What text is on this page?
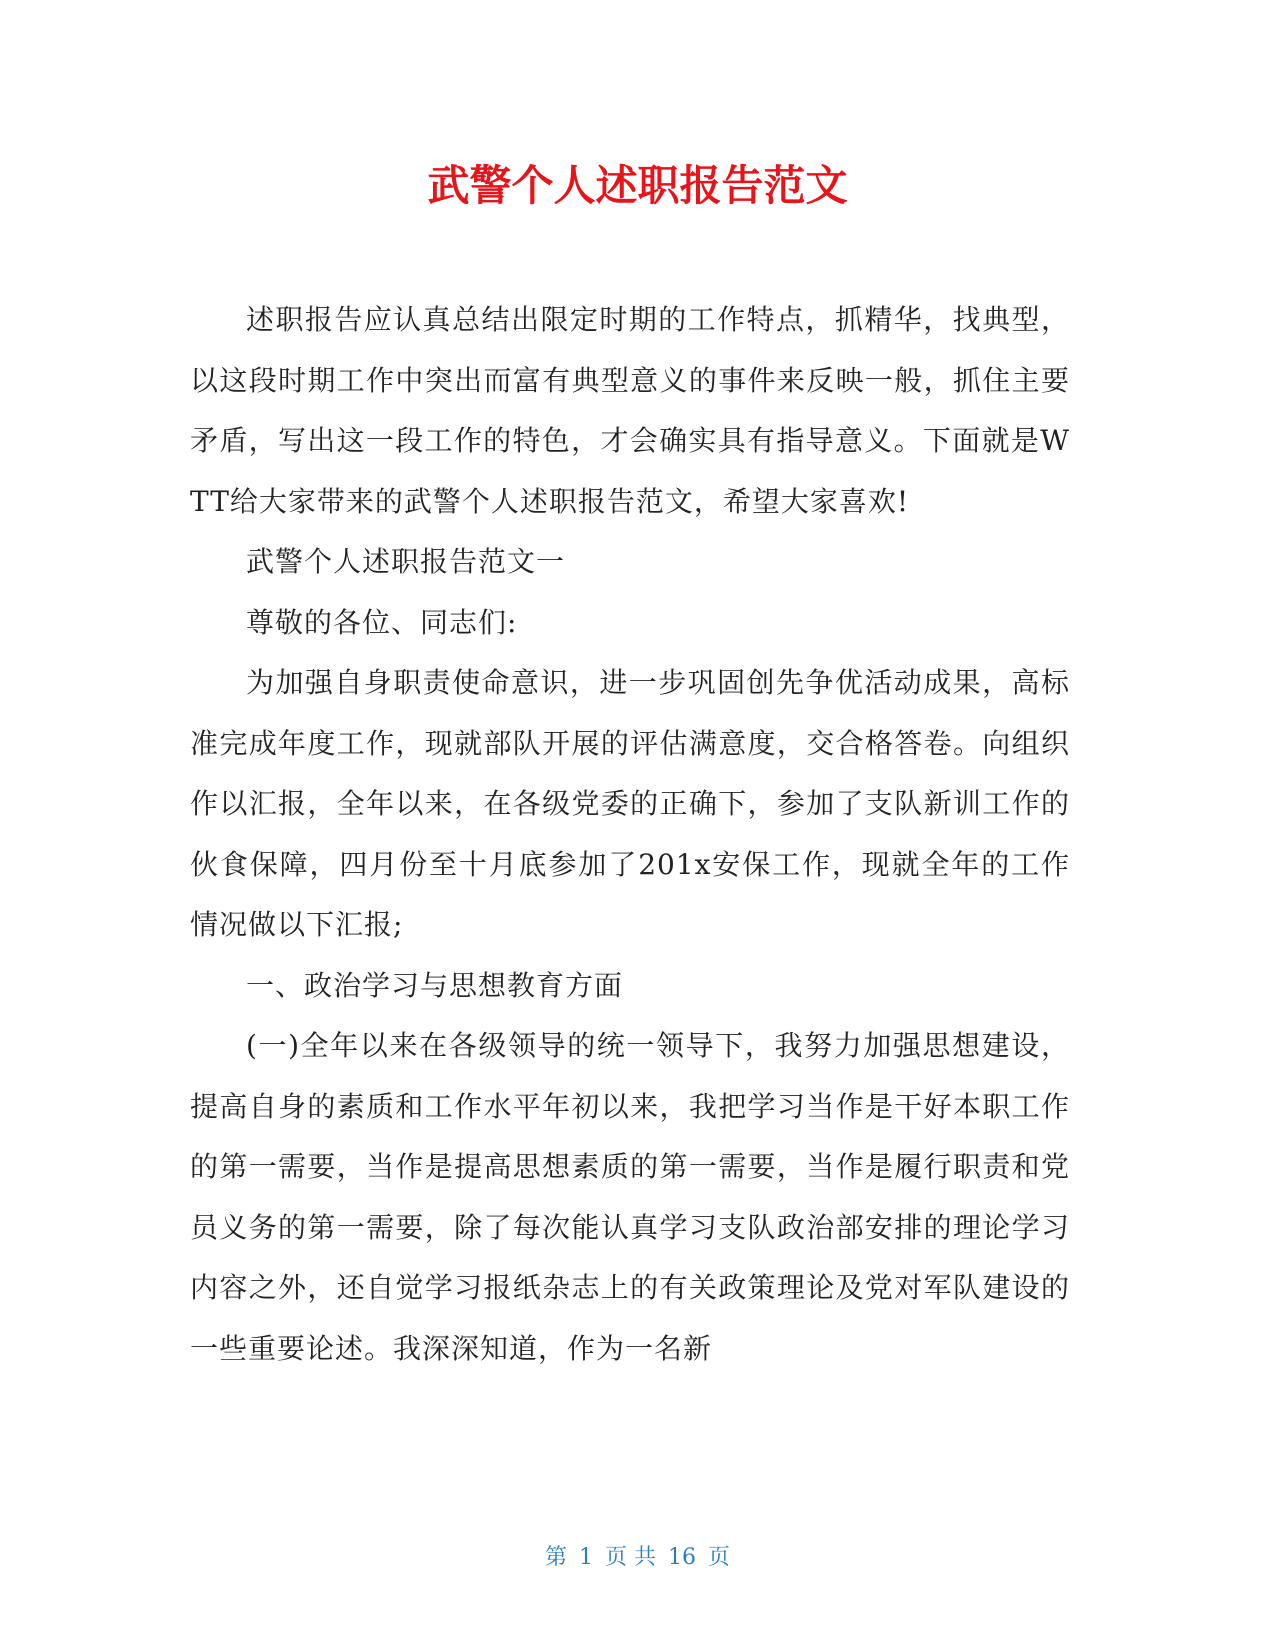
武警个人述职报告范文

述职报告应认真总结出限定时期的工作特点，抓精华，找典型，以这段时期工作中突出而富有典型意义的事件来反映一般，抓住主要矛盾，写出这一段工作的特色，才会确实具有指导意义。下面就是WTT给大家带来的武警个人述职报告范文，希望大家喜欢!

武警个人述职报告范文一

尊敬的各位、同志们:

为加强自身职责使命意识，进一步巩固创先争优活动成果，高标准完成年度工作，现就部队开展的评估满意度，交合格答卷。向组织作以汇报，全年以来，在各级党委的正确下，参加了支队新训工作的伙食保障，四月份至十月底参加了201x安保工作，现就全年的工作情况做以下汇报;

一、政治学习与思想教育方面

(一)全年以来在各级领导的统一领导下，我努力加强思想建设，提高自身的素质和工作水平年初以来，我把学习当作是干好本职工作的第一需要，当作是提高思想素质的第一需要，当作是履行职责和党员义务的第一需要，除了每次能认真学习支队政治部安排的理论学习内容之外，还自觉学习报纸杂志上的有关政策理论及党对军队建设的一些重要论述。我深深知道，作为一名新

第 1 页 共 16 页
